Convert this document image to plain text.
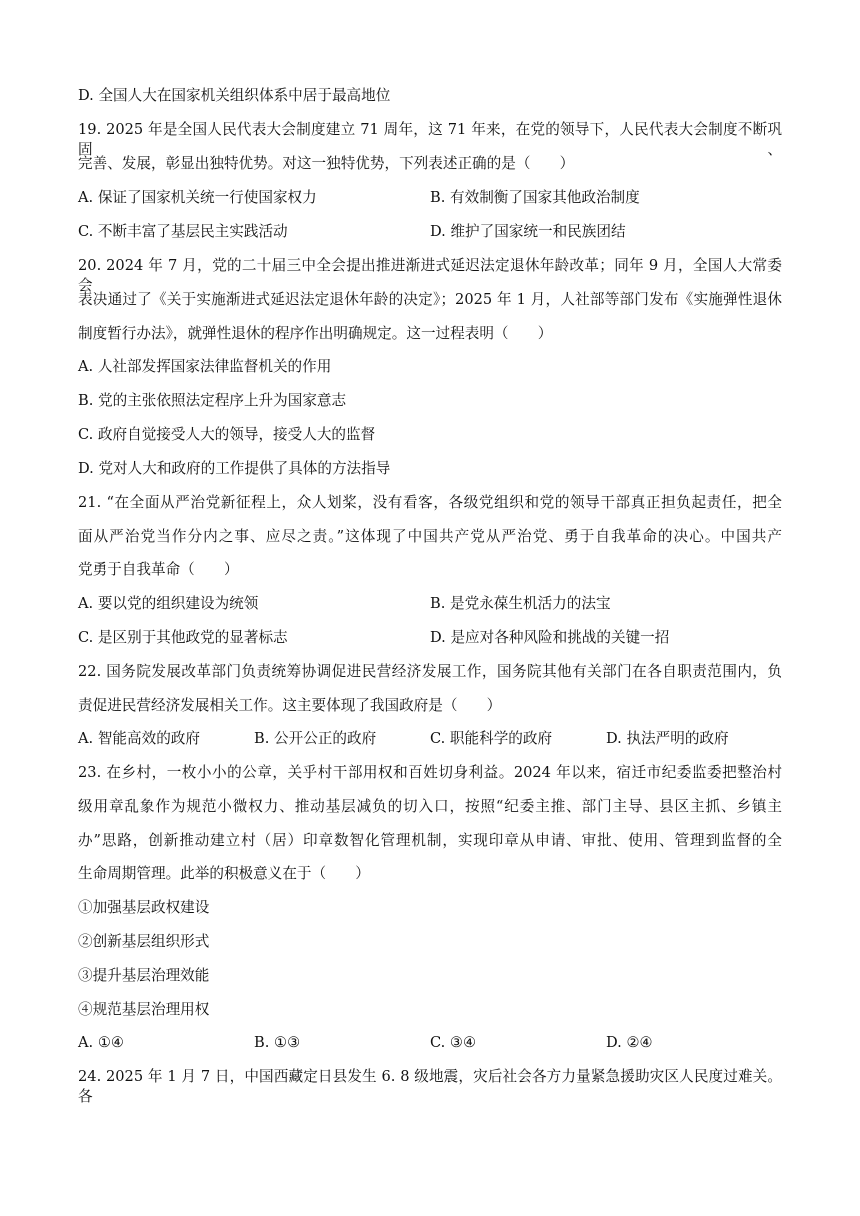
D. 全国人大在国家机关组织体系中居于最高地位
19. 2025 年是全国人民代表大会制度建立 71 周年，这 71 年来，在党的领导下，人民代表大会制度不断巩固、
完善、发展，彰显出独特优势。对这一独特优势，下列表述正确的是（　　）
A. 保证了国家机关统一行使国家权力	B. 有效制衡了国家其他政治制度
C. 不断丰富了基层民主实践活动	D. 维护了国家统一和民族团结
20. 2024 年 7 月，党的二十届三中全会提出推进渐进式延迟法定退休年龄改革；同年 9 月，全国人大常委会
表决通过了《关于实施渐进式延迟法定退休年龄的决定》；2025 年 1 月，人社部等部门发布《实施弹性退休
制度暂行办法》，就弹性退休的程序作出明确规定。这一过程表明（　　）
A. 人社部发挥国家法律监督机关的作用
B. 党的主张依照法定程序上升为国家意志
C. 政府自觉接受人大的领导，接受人大的监督
D. 党对人大和政府的工作提供了具体的方法指导
21. “在全面从严治党新征程上，众人划桨，没有看客，各级党组织和党的领导干部真正担负起责任，把全
面从严治党当作分内之事、应尽之责。”这体现了中国共产党从严治党、勇于自我革命的决心。中国共产
党勇于自我革命（　　）
A. 要以党的组织建设为统领	B. 是党永葆生机活力的法宝
C. 是区别于其他政党的显著标志	D. 是应对各种风险和挑战的关键一招
22. 国务院发展改革部门负责统筹协调促进民营经济发展工作，国务院其他有关部门在各自职责范围内，负
责促进民营经济发展相关工作。这主要体现了我国政府是（　　）
A. 智能高效的政府	B. 公开公正的政府	C. 职能科学的政府	D. 执法严明的政府
23. 在乡村，一枚小小的公章，关乎村干部用权和百姓切身利益。2024 年以来，宿迁市纪委监委把整治村
级用章乱象作为规范小微权力、推动基层减负的切入口，按照“纪委主推、部门主导、县区主抓、乡镇主
办”思路，创新推动建立村（居）印章数智化管理机制，实现印章从申请、审批、使用、管理到监督的全
生命周期管理。此举的积极意义在于（　　）
①加强基层政权建设
②创新基层组织形式
③提升基层治理效能
④规范基层治理用权
A. ①④	B. ①③	C. ③④	D. ②④
24. 2025 年 1 月 7 日，中国西藏定日县发生 6. 8 级地震，灾后社会各方力量紧急援助灾区人民度过难关。各
